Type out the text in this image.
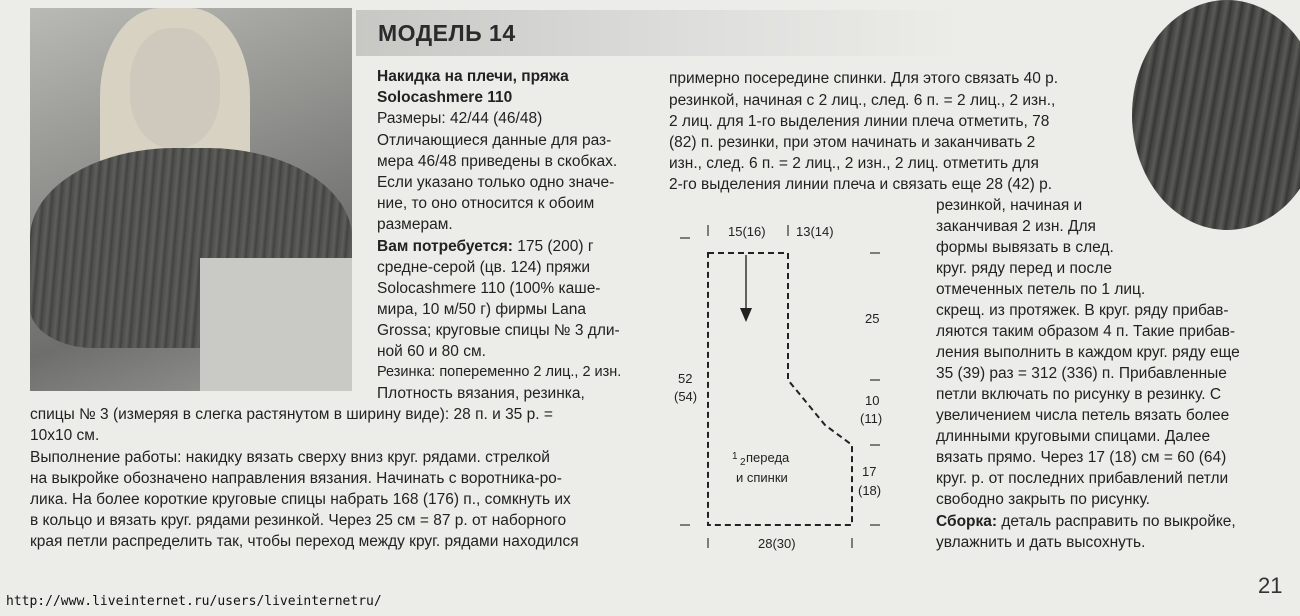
МОДЕЛЬ 14
Накидка на плечи, пряжа
Solocashmere 110
Размеры: 42/44 (46/48)
Отличающиеся данные для раз-
мера 46/48 приведены в скобках.
Если указано только одно значе-
ние, то оно относится к обоим
размерам.
Вам потребуется: 175 (200) г
средне-серой (цв. 124) пряжи
Solocashmere 110 (100% кашe-
мира, 10 м/50 г) фирмы Lana
Grossa; круговые спицы № 3 дли-
ной 60 и 80 см.
Резинка: попеременно 2 лиц., 2 изн.
Плотность вязания, резинка,
спицы № 3 (измеряя в слегка растянутом в ширину виде): 28 п. и 35 р. =
10x10 см.
Выполнение работы: накидку вязать сверху вниз круг. рядами. стрелкой
на выкройке обозначено направления вязания. Начинать с воротника-ро-
лика. На более короткие круговые спицы набрать 168 (176) п., сомкнуть их
в кольцо и вязать круг. рядами резинкой. Через 25 см = 87 р. от наборного
края петли распределить так, чтобы переход между круг. рядами находился
примерно посередине спинки. Для этого связать 40 р.
резинкой, начиная с 2 лиц., след. 6 п. = 2 лиц., 2 изн.,
2 лиц. для 1-го выделения линии плеча отметить, 78
(82) п. резинки, при этом начинать и заканчивать 2
изн., след. 6 п. = 2 лиц., 2 изн., 2 лиц. отметить для
2-го выделения линии плеча и связать еще 28 (42) р.
резинкой, начиная и
заканчивая 2 изн. Для
формы вывязать в след.
круг. ряду перед и после
отмеченных петель по 1 лиц.
скрещ. из протяжек. В круг. ряду прибав-
ляются таким образом 4 п. Такие прибав-
ления выполнить в каждом круг. ряду еще
35 (39) раз = 312 (336) п. Прибавленные
петли включать по рисунку в резинку. С
увеличением числа петель вязать более
длинными круговыми спицами. Далее
вязать прямо. Через 17 (18) см = 60 (64)
круг. р. от последних прибавлений петли
свободно закрыть по рисунку.
Сборка: деталь расправить по выкройке,
увлажнить и дать высохнуть.
15(16) 13(14)
25
52
(54)	10
(11)
17
(18)
28(30)
1
2 переда
и спинки
21
http://www.liveinternet.ru/users/liveinternetru/
